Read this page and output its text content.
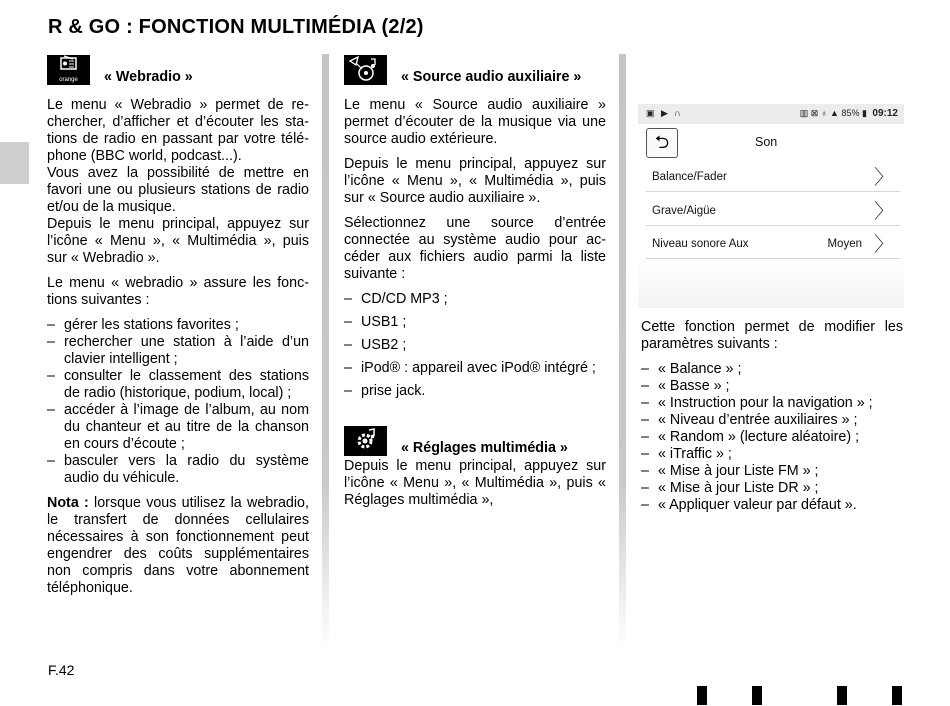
R & GO : FONCTION MULTIMÉDIA (2/2)
orange « Webradio »

Le menu « Webradio » permet de rechercher, d’afficher et d’écouter les stations de radio en passant par votre téléphone (BBC world, podcast...).

Vous avez la possibilité de mettre en favori une ou plusieurs stations de radio et/ou de la musique.

Depuis le menu principal, appuyez sur l’icône « Menu », « Multimédia », puis sur « Webradio ».

Le menu « webradio » assure les fonctions suivantes :

– gérer les stations favorites ;
– rechercher une station à l’aide d’un clavier intelligent ;
– consulter le classement des stations de radio (historique, podium, local) ;
– accéder à l’image de l’album, au nom du chanteur et au titre de la chanson en cours d’écoute ;
– basculer vers la radio du système audio du véhicule.

Nota : lorsque vous utilisez la webradio, le transfert de données cellulaires nécessaires à son fonctionnement peut engendrer des coûts supplémentaires non compris dans votre abonnement téléphonique.

« Source audio auxiliaire »

Le menu « Source audio auxiliaire » permet d’écouter de la musique via une source audio extérieure.

Depuis le menu principal, appuyez sur l’icône « Menu », « Multimédia », puis sur « Source audio auxiliaire ».

Sélectionnez une source d’entrée connectée au système audio pour accéder aux fichiers audio parmi la liste suivante :

– CD/CD MP3 ;
– USB1 ;
– USB2 ;
– iPod® : appareil avec iPod® intégré ;
– prise jack.
« Réglages multimédia »

Depuis le menu principal, appuyez sur l’icône « Menu », « Multimédia », puis « Réglages multimédia »,

▣ ▶ ∩	▥ ⊠ ♁ ▲ 85% ▮ 09:12
⮌	Son
Balance/Fader	〉
Grave/Aigüe	〉
Niveau sonore Aux	Moyen 〉

Cette fonction permet de modifier les paramètres suivants :

– « Balance » ;
– « Basse » ;
– « Instruction pour la navigation » ;
– « Niveau d’entrée auxiliaires » ;
– « Random » (lecture aléatoire) ;
– « iTraffic » ;
– « Mise à jour Liste FM » ;
– « Mise à jour Liste DR » ;
– « Appliquer valeur par défaut ».
F.42
